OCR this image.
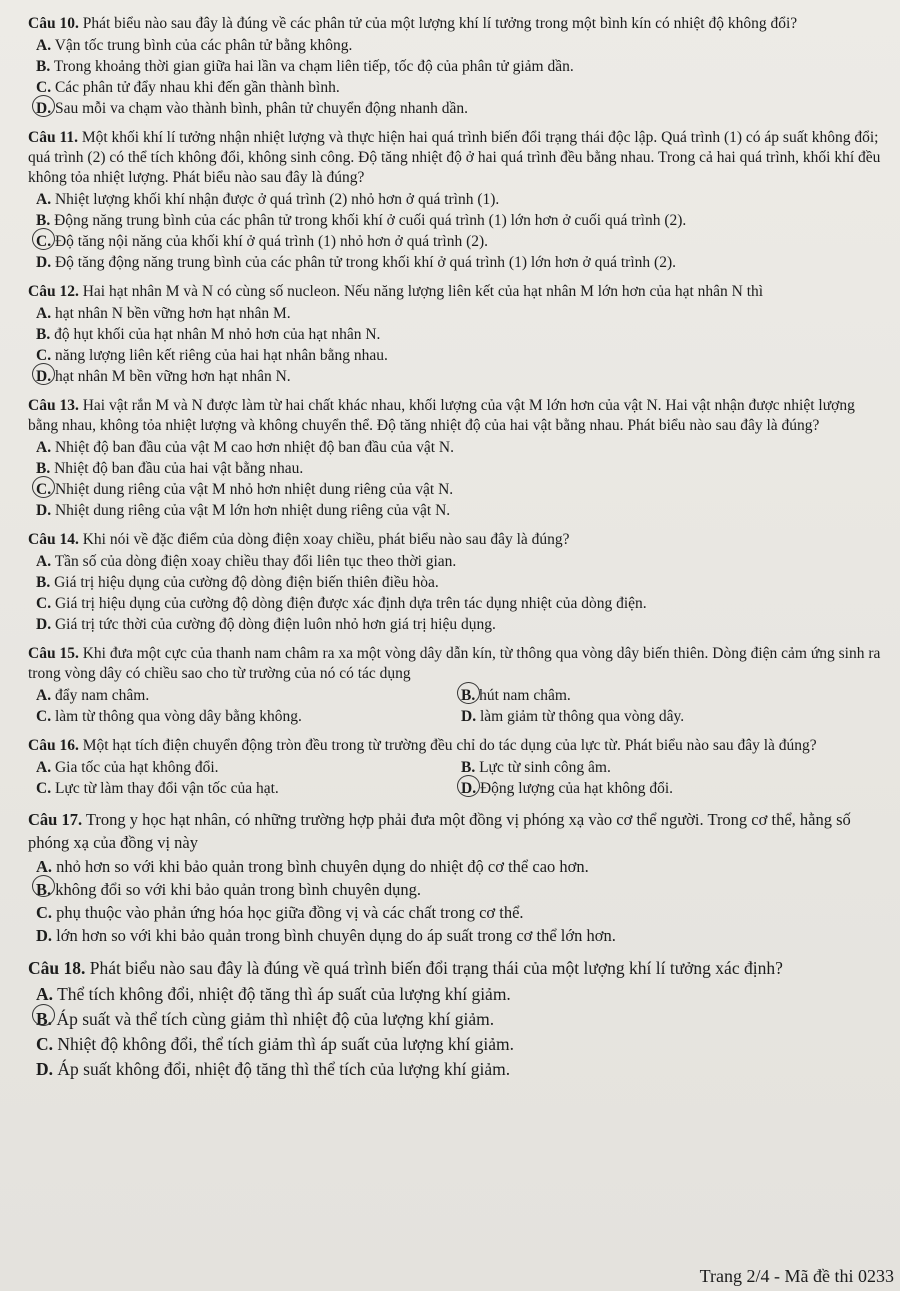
Câu 10. Phát biểu nào sau đây là đúng về các phân tử của một lượng khí lí tưởng trong một bình kín có nhiệt độ không đổi?

A. Vận tốc trung bình của các phân tử bằng không.

B. Trong khoảng thời gian giữa hai lần va chạm liên tiếp, tốc độ của phân tử giảm dần.

C. Các phân tử đẩy nhau khi đến gần thành bình.

D. Sau mỗi va chạm vào thành bình, phân tử chuyển động nhanh dần.

Câu 11. Một khối khí lí tưởng nhận nhiệt lượng và thực hiện hai quá trình biến đổi trạng thái độc lập. Quá trình (1) có áp suất không đổi; quá trình (2) có thể tích không đổi, không sinh công. Độ tăng nhiệt độ ở hai quá trình đều bằng nhau. Trong cả hai quá trình, khối khí đều không tỏa nhiệt lượng. Phát biểu nào sau đây là đúng?

A. Nhiệt lượng khối khí nhận được ở quá trình (2) nhỏ hơn ở quá trình (1).

B. Động năng trung bình của các phân tử trong khối khí ở cuối quá trình (1) lớn hơn ở cuối quá trình (2).

C. Độ tăng nội năng của khối khí ở quá trình (1) nhỏ hơn ở quá trình (2).

D. Độ tăng động năng trung bình của các phân tử trong khối khí ở quá trình (1) lớn hơn ở quá trình (2).

Câu 12. Hai hạt nhân M và N có cùng số nucleon. Nếu năng lượng liên kết của hạt nhân M lớn hơn của hạt nhân N thì

A. hạt nhân N bền vững hơn hạt nhân M.

B. độ hụt khối của hạt nhân M nhỏ hơn của hạt nhân N.

C. năng lượng liên kết riêng của hai hạt nhân bằng nhau.

D. hạt nhân M bền vững hơn hạt nhân N.

Câu 13. Hai vật rắn M và N được làm từ hai chất khác nhau, khối lượng của vật M lớn hơn của vật N. Hai vật nhận được nhiệt lượng bằng nhau, không tỏa nhiệt lượng và không chuyển thể. Độ tăng nhiệt độ của hai vật bằng nhau. Phát biểu nào sau đây là đúng?

A. Nhiệt độ ban đầu của vật M cao hơn nhiệt độ ban đầu của vật N.

B. Nhiệt độ ban đầu của hai vật bằng nhau.

C. Nhiệt dung riêng của vật M nhỏ hơn nhiệt dung riêng của vật N.

D. Nhiệt dung riêng của vật M lớn hơn nhiệt dung riêng của vật N.

Câu 14. Khi nói về đặc điểm của dòng điện xoay chiều, phát biểu nào sau đây là đúng?

A. Tần số của dòng điện xoay chiều thay đổi liên tục theo thời gian.

B. Giá trị hiệu dụng của cường độ dòng điện biến thiên điều hòa.

C. Giá trị hiệu dụng của cường độ dòng điện được xác định dựa trên tác dụng nhiệt của dòng điện.

D. Giá trị tức thời của cường độ dòng điện luôn nhỏ hơn giá trị hiệu dụng.

Câu 15. Khi đưa một cực của thanh nam châm ra xa một vòng dây dẫn kín, từ thông qua vòng dây biến thiên. Dòng điện cảm ứng sinh ra trong vòng dây có chiều sao cho từ trường của nó có tác dụng

A. đẩy nam châm.	B. hút nam châm.

C. làm từ thông qua vòng dây bằng không.	D. làm giảm từ thông qua vòng dây.

Câu 16. Một hạt tích điện chuyển động tròn đều trong từ trường đều chỉ do tác dụng của lực từ. Phát biểu nào sau đây là đúng?

A. Gia tốc của hạt không đổi.	B. Lực từ sinh công âm.

C. Lực từ làm thay đổi vận tốc của hạt.	D. Động lượng của hạt không đổi.

Câu 17. Trong y học hạt nhân, có những trường hợp phải đưa một đồng vị phóng xạ vào cơ thể người. Trong cơ thể, hằng số phóng xạ của đồng vị này

A. nhỏ hơn so với khi bảo quản trong bình chuyên dụng do nhiệt độ cơ thể cao hơn.

B. không đổi so với khi bảo quản trong bình chuyên dụng.

C. phụ thuộc vào phản ứng hóa học giữa đồng vị và các chất trong cơ thể.

D. lớn hơn so với khi bảo quản trong bình chuyên dụng do áp suất trong cơ thể lớn hơn.

Câu 18. Phát biểu nào sau đây là đúng về quá trình biến đổi trạng thái của một lượng khí lí tưởng xác định?

A. Thể tích không đổi, nhiệt độ tăng thì áp suất của lượng khí giảm.

B. Áp suất và thể tích cùng giảm thì nhiệt độ của lượng khí giảm.

C. Nhiệt độ không đổi, thể tích giảm thì áp suất của lượng khí giảm.

D. Áp suất không đổi, nhiệt độ tăng thì thể tích của lượng khí giảm.

Trang 2/4 - Mã đề thi 0233
